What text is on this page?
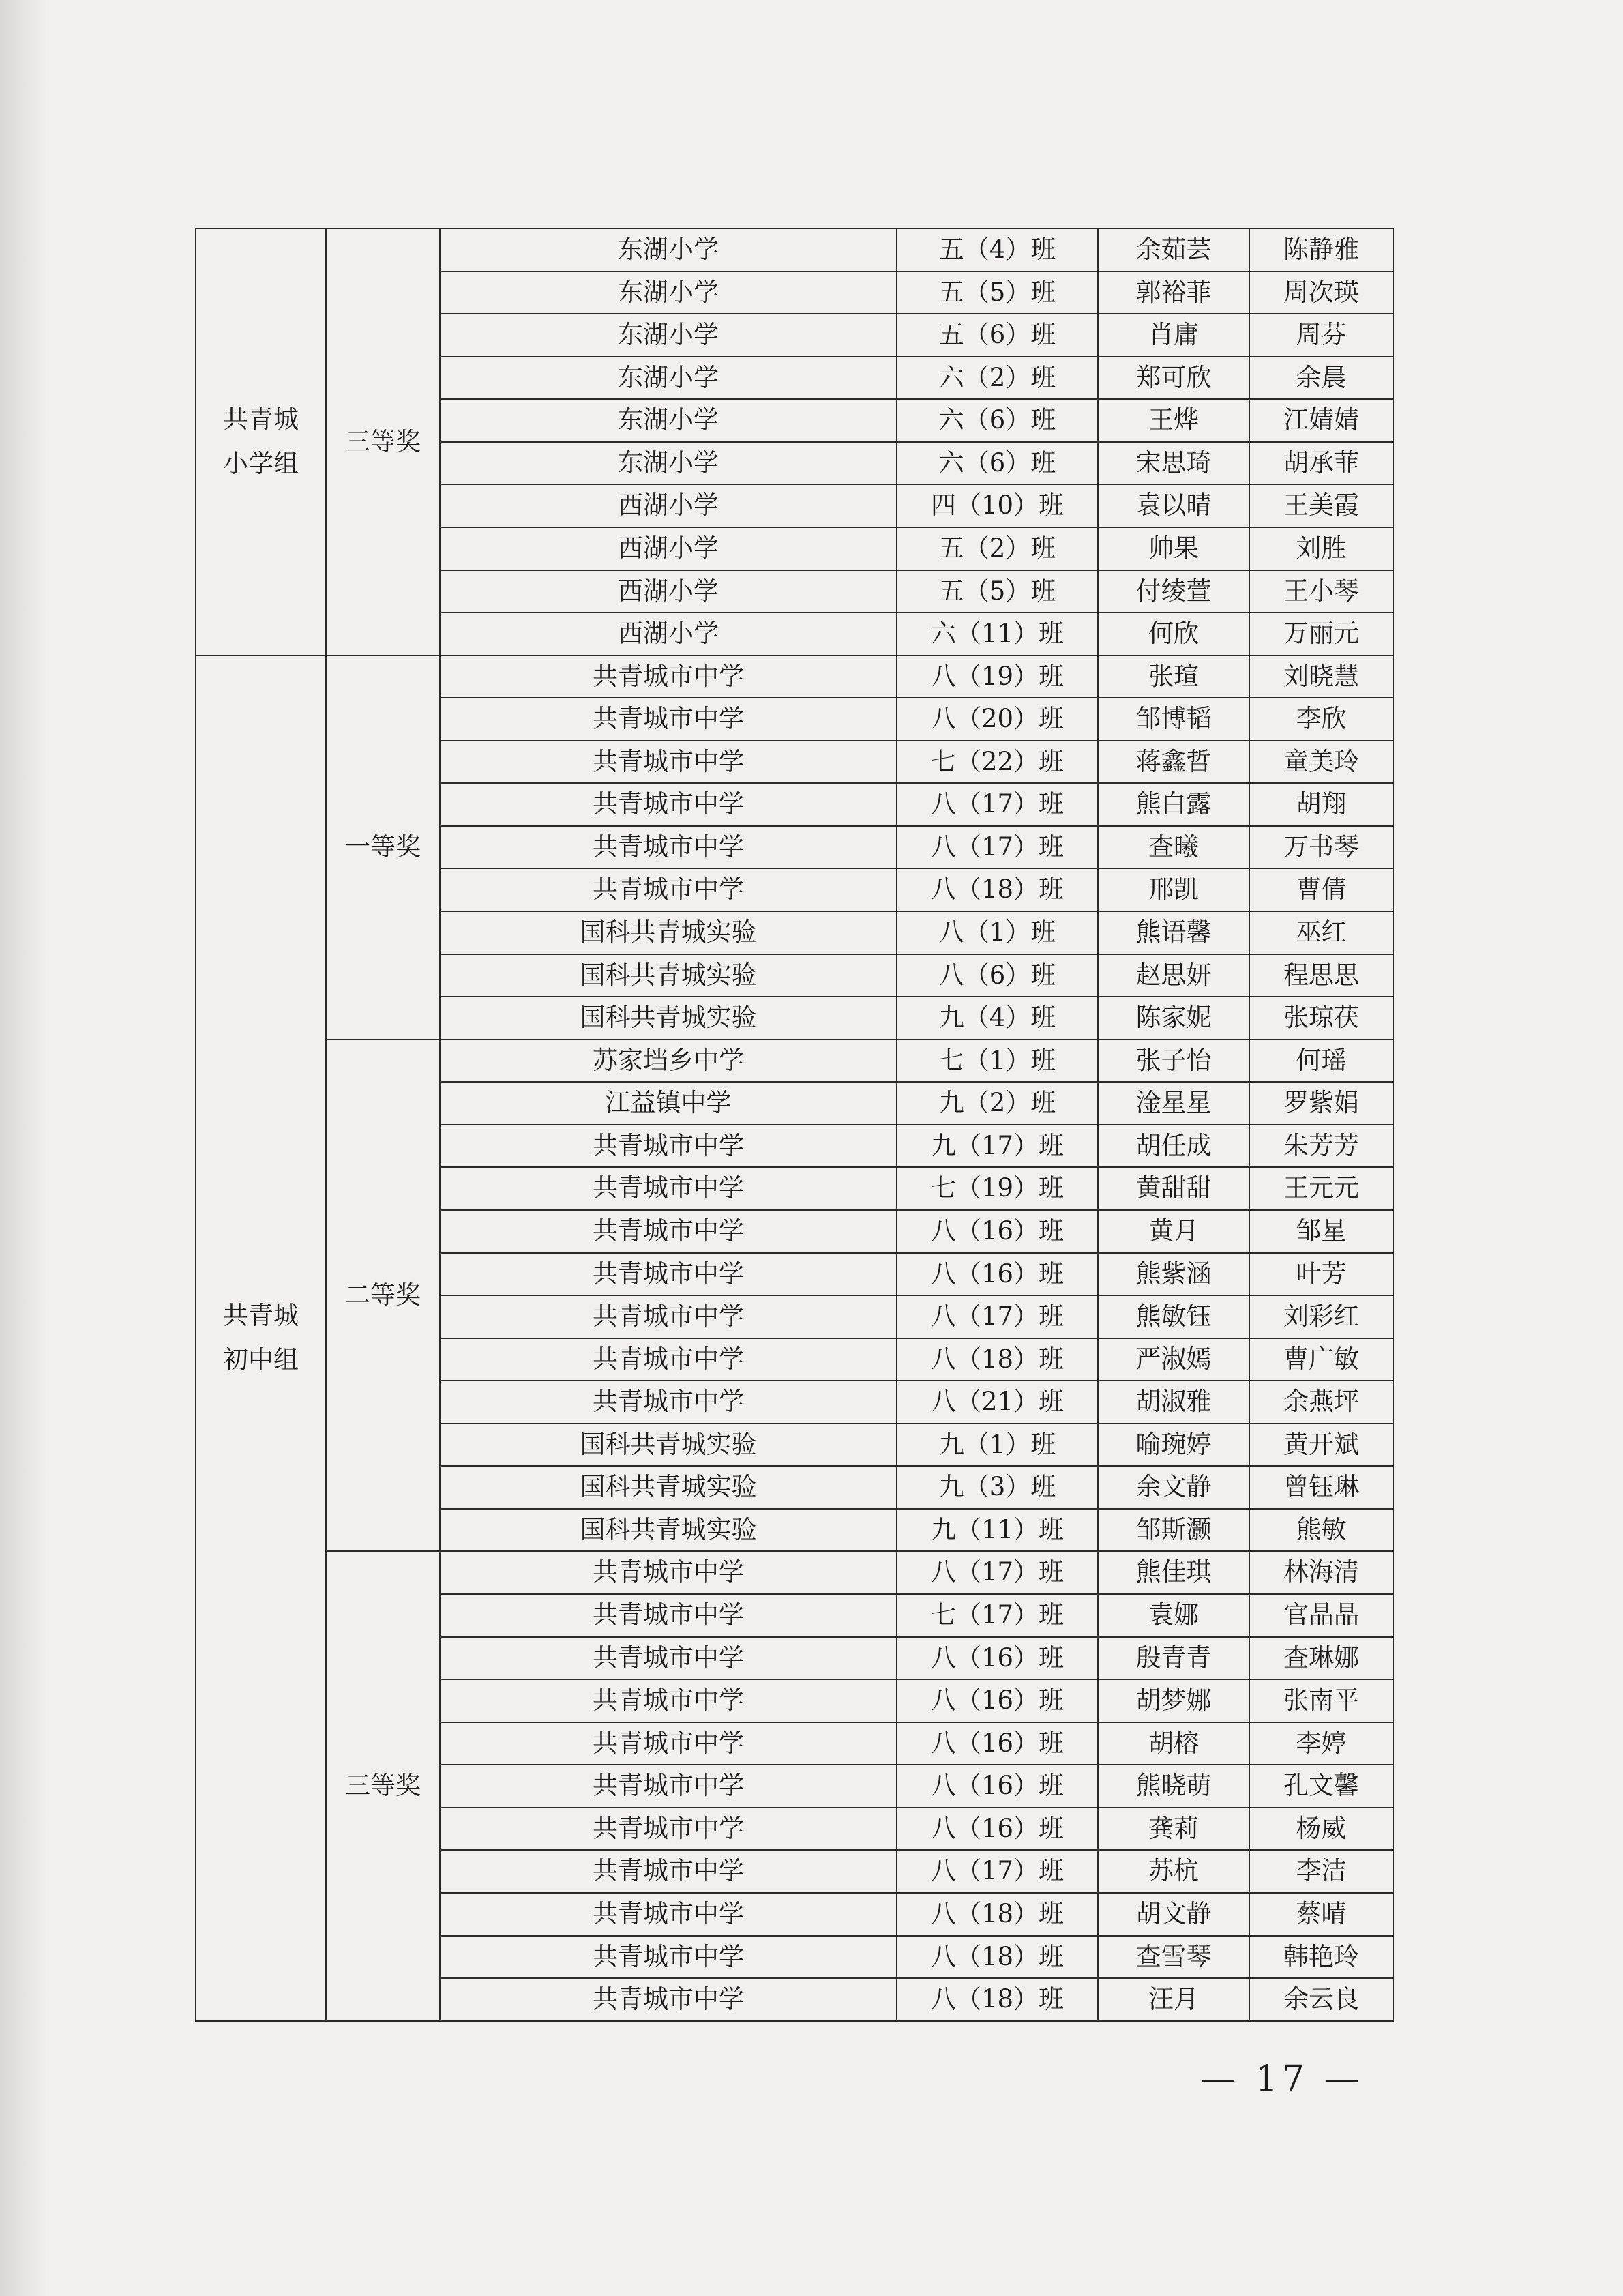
共青城
小学组	三等奖	东湖小学	五（4）班	余茹芸	陈静雅
		东湖小学	五（5）班	郭裕菲	周次瑛
		东湖小学	五（6）班	肖庸	周芬
		东湖小学	六（2）班	郑可欣	余晨
		东湖小学	六（6）班	王烨	江婧婧
		东湖小学	六（6）班	宋思琦	胡承菲
		西湖小学	四（10）班	袁以晴	王美霞
		西湖小学	五（2）班	帅果	刘胜
		西湖小学	五（5）班	付绫萱	王小琴
		西湖小学	六（11）班	何欣	万丽元

共青城
初中组	一等奖	共青城市中学	八（19）班	张瑄	刘晓慧
		共青城市中学	八（20）班	邹博韬	李欣
		共青城市中学	七（22）班	蒋鑫哲	童美玲
		共青城市中学	八（17）班	熊白露	胡翔
		共青城市中学	八（17）班	查曦	万书琴
		共青城市中学	八（18）班	邢凯	曹倩
		国科共青城实验	八（1）班	熊语馨	巫红
		国科共青城实验	八（6）班	赵思妍	程思思
		国科共青城实验	九（4）班	陈家妮	张琼茯
	二等奖	苏家垱乡中学	七（1）班	张子怡	何瑶
		江益镇中学	九（2）班	淦星星	罗紫娟
		共青城市中学	九（17）班	胡任成	朱芳芳
		共青城市中学	七（19）班	黄甜甜	王元元
		共青城市中学	八（16）班	黄月	邹星
		共青城市中学	八（16）班	熊紫涵	叶芳
		共青城市中学	八（17）班	熊敏钰	刘彩红
		共青城市中学	八（18）班	严淑嫣	曹广敏
		共青城市中学	八（21）班	胡淑雅	余燕坪
		国科共青城实验	九（1）班	喻琬婷	黄开斌
		国科共青城实验	九（3）班	余文静	曾钰琳
		国科共青城实验	九（11）班	邹斯灏	熊敏
	三等奖	共青城市中学	八（17）班	熊佳琪	林海清
		共青城市中学	七（17）班	袁娜	官晶晶
		共青城市中学	八（16）班	殷青青	查琳娜
		共青城市中学	八（16）班	胡梦娜	张南平
		共青城市中学	八（16）班	胡榕	李婷
		共青城市中学	八（16）班	熊晓萌	孔文馨
		共青城市中学	八（16）班	龚莉	杨威
		共青城市中学	八（17）班	苏杭	李洁
		共青城市中学	八（18）班	胡文静	蔡晴
		共青城市中学	八（18）班	查雪琴	韩艳玲
		共青城市中学	八（18）班	汪月	余云良
— 17 —
